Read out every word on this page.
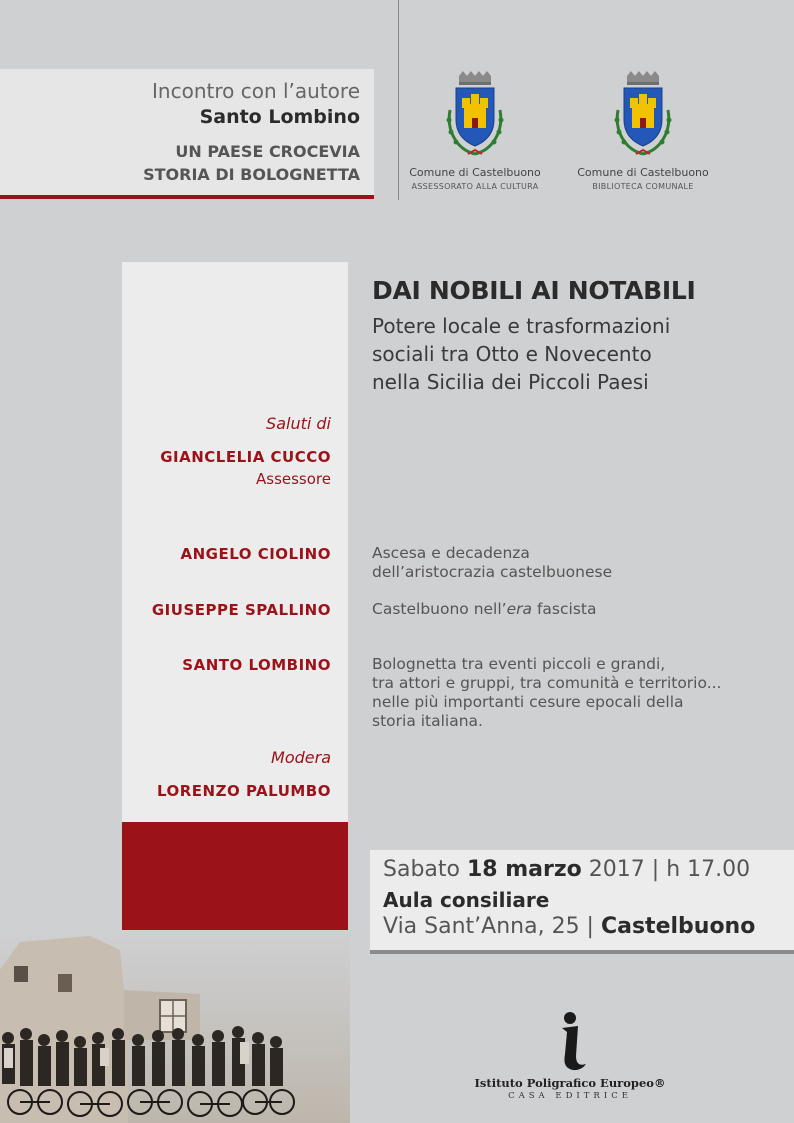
Incontro con l’autore
Santo Lombino
UN PAESE CROCEVIA
STORIA DI BOLOGNETTA	Comune di Castelbuono
ASSESSORATO ALLA CULTURA
Comune di Castelbuono
BIBLIOTECA COMUNALE
DAI NOBILI AI NOTABILI
Potere locale e trasformazioni
sociali tra Otto e Novecento
nella Sicilia dei Piccoli Paesi
Saluti di
GIANCLELIA CUCCO
Assessore
ANGELO CIOLINO	Ascesa e decadenza
dell’aristocrazia castelbuonese
GIUSEPPE SPALLINO	Castelbuono nell’era fascista
SANTO LOMBINO	Bolognetta tra eventi piccoli e grandi,
tra attori e gruppi, tra comunità e territorio...
nelle più importanti cesure epocali della
storia italiana.
Modera
LORENZO PALUMBO
Sabato 18 marzo 2017 | h 17.00
Aula consiliare
Via Sant’Anna, 25 | Castelbuono
Istituto Poligrafico Europeo®
CASA EDITRICE
